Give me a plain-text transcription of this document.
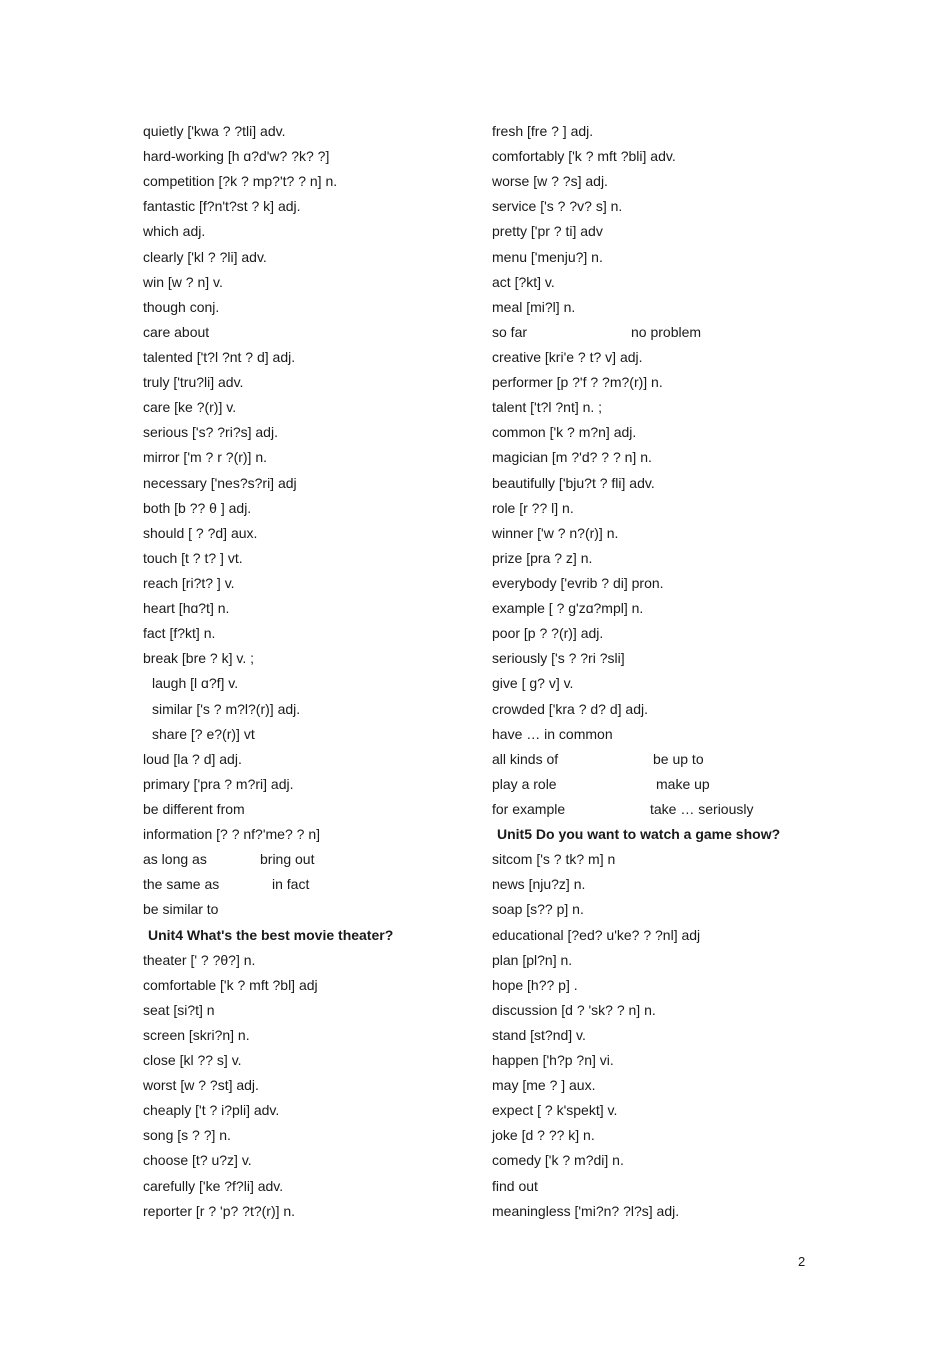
quietly ['kwa ? ?tli] adv.
hard-working [h ɑ?d'w? ?k? ?]
competition [?k ? mp?'t? ? n] n.
fantastic [f?n't?st ? k] adj.
which adj.
clearly ['kl ? ?li] adv.
win [w ? n] v.
though conj.
care about
talented ['t?l ?nt ? d] adj.
truly ['tru?li] adv.
care [ke ?(r)] v.
serious ['s? ?ri?s] adj.
mirror ['m ? r ?(r)] n.
necessary ['nes?s?ri] adj
both [b ?? θ ] adj.
should [ ? ?d] aux.
touch [t ? t? ] vt.
reach [ri?t? ] v.
heart [hɑ?t] n.
fact [f?kt] n.
break [bre ? k] v. ;
laugh [l ɑ?f] v.
similar ['s ? m?l?(r)] adj.
share [? e?(r)] vt
loud [la ? d] adj.
primary ['pra ? m?ri] adj.
be different from
information [? ? nf?'me? ? n]
as long as	bring out
the same as	in fact
be similar to
Unit4 What's the best movie theater?
theater [' ? ?θ?] n.
comfortable ['k ? mft ?bl] adj
seat [si?t] n
screen [skri?n] n.
close [kl ?? s] v.
worst [w ? ?st] adj.
cheaply ['t ? i?pli] adv.
song [s ? ?] n.
choose [t? u?z] v.
carefully ['ke ?f?li] adv.
reporter [r ? 'p? ?t?(r)] n.
fresh [fre ? ] adj.
comfortably ['k ? mft ?bli] adv.
worse [w ? ?s] adj.
service ['s ? ?v? s] n.
pretty ['pr ? ti] adv
menu ['menju?] n.
act [?kt] v.
meal [mi?l] n.
so far	no problem
creative [kri'e ? t? v] adj.
performer [p ?'f ? ?m?(r)] n.
talent ['t?l ?nt] n. ;
common ['k ? m?n] adj.
magician [m ?'d? ? ? n] n.
beautifully ['bju?t ? fli] adv.
role [r ?? l] n.
winner ['w ? n?(r)] n.
prize [pra ? z] n.
everybody ['evrib ? di] pron.
example [ ? ɡ'zɑ?mpl] n.
poor [p ? ?(r)] adj.
seriously ['s ? ?ri ?sli]
give [ ɡ? v] v.
crowded ['kra ? d? d] adj.
have … in common
all kinds of	be up to
play a role	make up
for example	take … seriously
Unit5 Do you want to watch a game show?
sitcom ['s ? tk? m] n
news [nju?z] n.
soap [s?? p] n.
educational [?ed? u'ke? ? ?nl] adj
plan [pl?n] n.
hope [h?? p] .
discussion [d ? 'sk? ? n] n.
stand [st?nd] v.
happen ['h?p ?n] vi.
may [me ? ] aux.
expect [ ? k'spekt] v.
joke [d ? ?? k] n.
comedy ['k ? m?di] n.
find out
meaningless ['mi?n? ?l?s] adj.
2
